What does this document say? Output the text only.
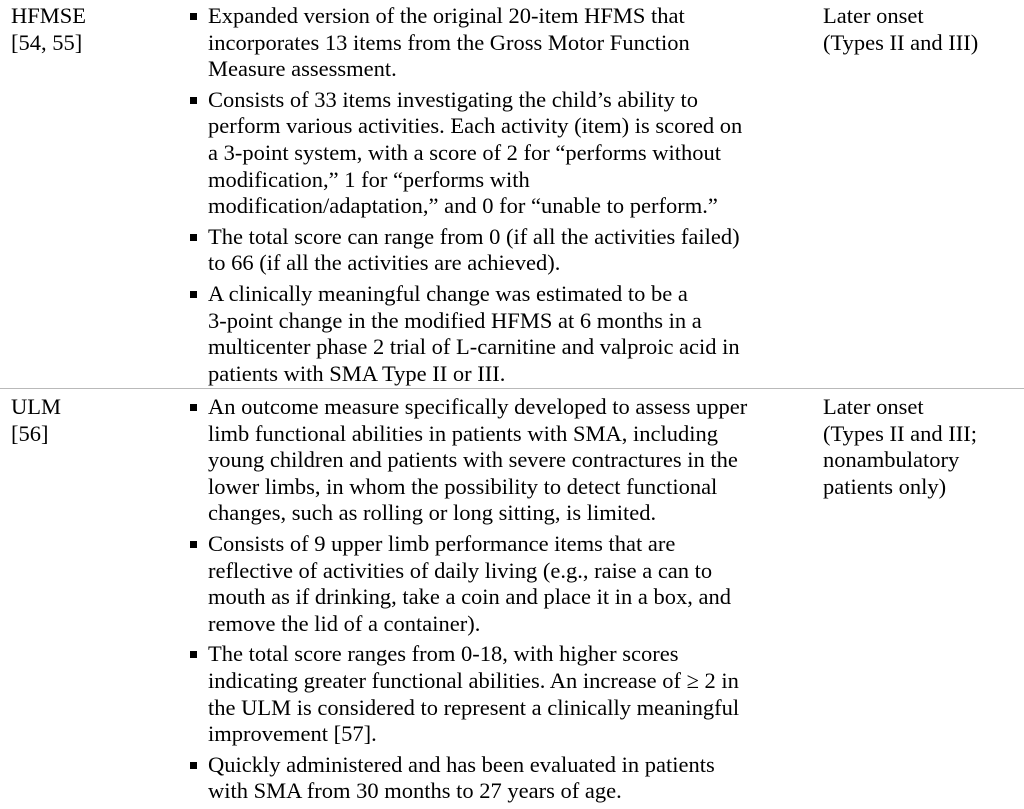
HFMSE
[54, 55]
Expanded version of the original 20-item HFMS that
incorporates 13 items from the Gross Motor Function
Measure assessment.
Consists of 33 items investigating the child’s ability to
perform various activities. Each activity (item) is scored on
a 3-point system, with a score of 2 for “performs without
modification,” 1 for “performs with
modification/adaptation,” and 0 for “unable to perform.”
The total score can range from 0 (if all the activities failed)
to 66 (if all the activities are achieved).
A clinically meaningful change was estimated to be a
3-point change in the modified HFMS at 6 months in a
multicenter phase 2 trial of L-carnitine and valproic acid in
patients with SMA Type II or III.
Later onset
(Types II and III)
ULM
[56]
An outcome measure specifically developed to assess upper
limb functional abilities in patients with SMA, including
young children and patients with severe contractures in the
lower limbs, in whom the possibility to detect functional
changes, such as rolling or long sitting, is limited.
Consists of 9 upper limb performance items that are
reflective of activities of daily living (e.g., raise a can to
mouth as if drinking, take a coin and place it in a box, and
remove the lid of a container).
The total score ranges from 0-18, with higher scores
indicating greater functional abilities. An increase of ≥ 2 in
the ULM is considered to represent a clinically meaningful
improvement [57].
Quickly administered and has been evaluated in patients
with SMA from 30 months to 27 years of age.
Later onset
(Types II and III;
nonambulatory
patients only)
